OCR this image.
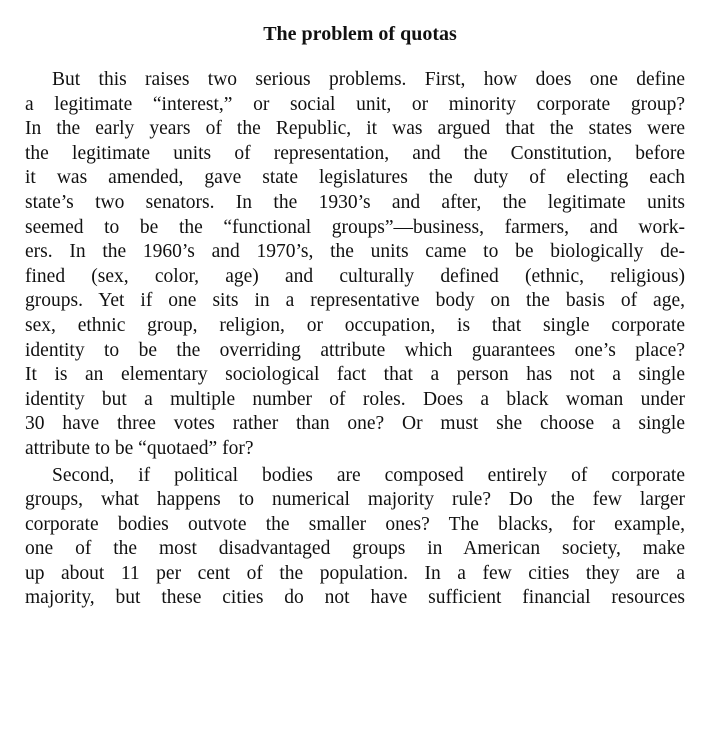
The problem of quotas
But this raises two serious problems. First, how does one define
a legitimate “interest,” or social unit, or minority corporate group?
In the early years of the Republic, it was argued that the states were
the legitimate units of representation, and the Constitution, before
it was amended, gave state legislatures the duty of electing each
state’s two senators. In the 1930’s and after, the legitimate units
seemed to be the “functional groups”—business, farmers, and work-
ers. In the 1960’s and 1970’s, the units came to be biologically de-
fined (sex, color, age) and culturally defined (ethnic, religious)
groups. Yet if one sits in a representative body on the basis of age,
sex, ethnic group, religion, or occupation, is that single corporate
identity to be the overriding attribute which guarantees one’s place?
It is an elementary sociological fact that a person has not a single
identity but a multiple number of roles. Does a black woman under
30 have three votes rather than one? Or must she choose a single
attribute to be “quotaed” for?
Second, if political bodies are composed entirely of corporate
groups, what happens to numerical majority rule? Do the few larger
corporate bodies outvote the smaller ones? The blacks, for example,
one of the most disadvantaged groups in American society, make
up about 11 per cent of the population. In a few cities they are a
majority, but these cities do not have sufficient financial resources
